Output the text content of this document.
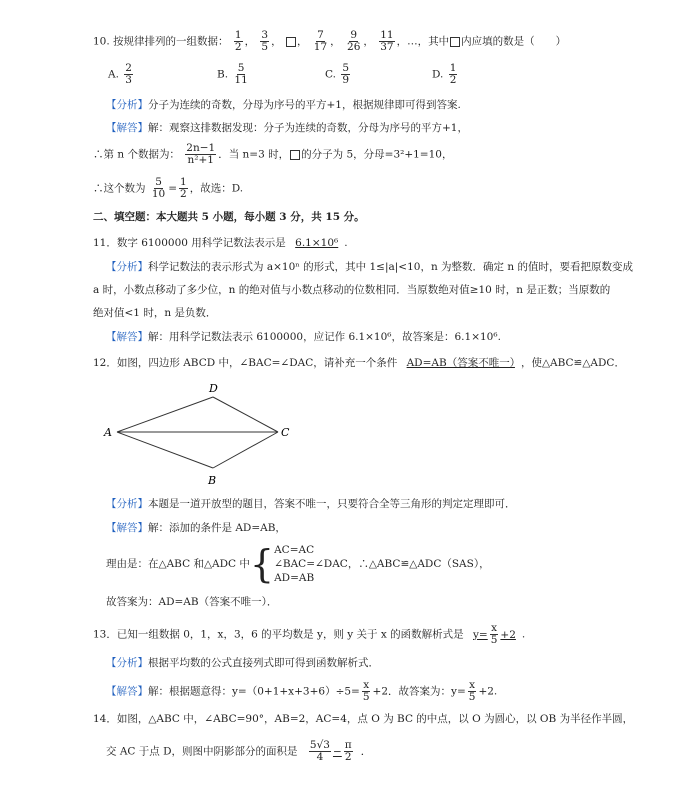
10. 按规律排列的一组数据： $\frac{1}{2}$ ， $\frac{3}{5}$ ， ， $\frac{7}{17}$ ， $\frac{9}{26}$ ， $\frac{11}{37}$ ，…，其中 内应填的数是（　　）
A. $\frac{2}{3}$	B. $\frac{5}{11}$	C. $\frac{5}{9}$	D. $\frac{1}{2}$
【分析】分子为连续的奇数，分母为序号的平方+1，根据规律即可得到答案.
【解答】解：观察这排数据发现：分子为连续的奇数，分母为序号的平方+1，
∴第 n 个数据为： $\frac{2n-1}{\text{n²+1}}$ ．当 n=3 时， 的分子为 5，分母=3²+1=10，
∴这个数为 $\frac{5}{10} = \frac{1}{2}$ ，故选：D.
二、填空题：本大题共 5 小题，每小题 3 分，共 15 分。
11．数字 6100000 用科学记数法表示是 6.1×10⁶ .
【分析】科学记数法的表示形式为 a×10ⁿ 的形式，其中 1≤|a|<10，n 为整数．确定 n 的值时，要看把原数变成
a 时，小数点移动了多少位，n 的绝对值与小数点移动的位数相同．当原数绝对值≥10 时，n 是正数；当原数的
绝对值<1 时，n 是负数．
【解答】解：用科学记数法表示 6100000，应记作 6.1×10⁶，故答案是：6.1×10⁶.
12．如图，四边形 ABCD 中，∠BAC=∠DAC，请补充一个条件 AD=AB（答案不唯一） ，使△ABC≌△ADC．
A
D
C
B
【分析】本题是一道开放型的题目，答案不唯一，只要符合全等三角形的判定定理即可．
【解答】解：添加的条件是 AD=AB，
理由是：在△ABC 和△ADC 中{ AC=AC
∠BAC=∠DAC
AD=AB
，∴△ABC≌△ADC（SAS），
故答案为：AD=AB（答案不唯一）．
13．已知一组数据 0，1，x，3，6 的平均数是 y，则 y 关于 x 的函数解析式是 $y= \frac{x}{5} +2$ .
【分析】根据平均数的公式直接列式即可得到函数解析式．
【解答】解：根据题意得：$y=(0+1+x+3+6)\div 5= \frac{x}{5} +2$．故答案为：$y= \frac{x}{5} +2$.
14．如图，△ABC 中，∠ABC=90°，AB=2，AC=4，点 O 为 BC 的中点，以 O 为圆心，以 OB 为半径作半圆，
交 AC 于点 D，则图中阴影部分的面积是 $\frac{5√3}{4} - \frac{\pi}{2}$ ．
